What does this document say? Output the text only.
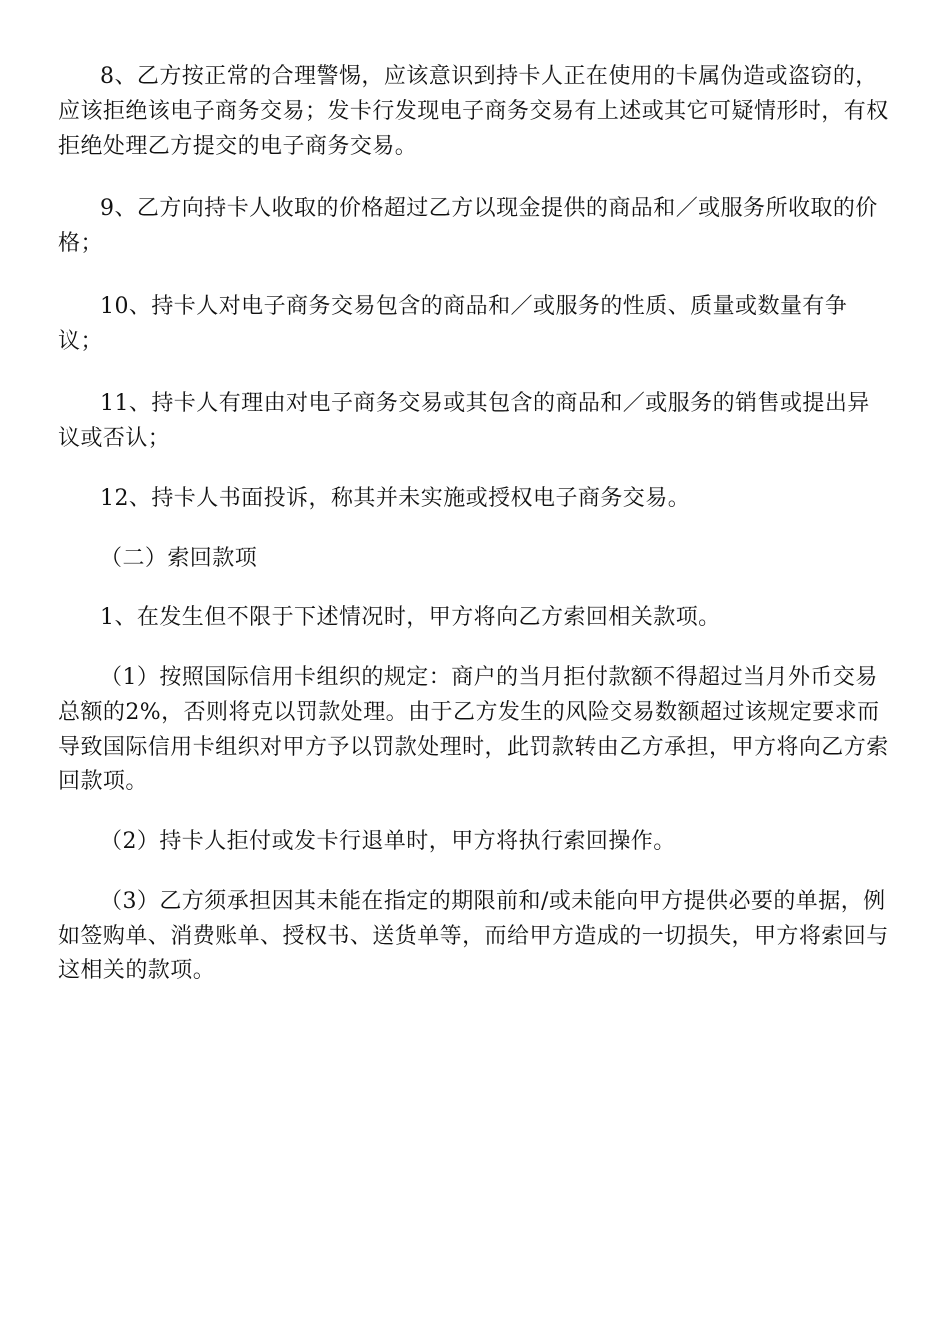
8、乙方按正常的合理警惕，应该意识到持卡人正在使用的卡属伪造或盗窃的，应该拒绝该电子商务交易；发卡行发现电子商务交易有上述或其它可疑情形时，有权拒绝处理乙方提交的电子商务交易。

9、乙方向持卡人收取的价格超过乙方以现金提供的商品和／或服务所收取的价格；

10、持卡人对电子商务交易包含的商品和／或服务的性质、质量或数量有争议；

11、持卡人有理由对电子商务交易或其包含的商品和／或服务的销售或提出异议或否认；

12、持卡人书面投诉，称其并未实施或授权电子商务交易。

（二）索回款项

1、在发生但不限于下述情况时，甲方将向乙方索回相关款项。

（1）按照国际信用卡组织的规定：商户的当月拒付款额不得超过当月外币交易总额的2%，否则将克以罚款处理。由于乙方发生的风险交易数额超过该规定要求而导致国际信用卡组织对甲方予以罚款处理时，此罚款转由乙方承担，甲方将向乙方索回款项。

（2）持卡人拒付或发卡行退单时，甲方将执行索回操作。

（3）乙方须承担因其未能在指定的期限前和/或未能向甲方提供必要的单据，例如签购单、消费账单、授权书、送货单等，而给甲方造成的一切损失，甲方将索回与这相关的款项。
